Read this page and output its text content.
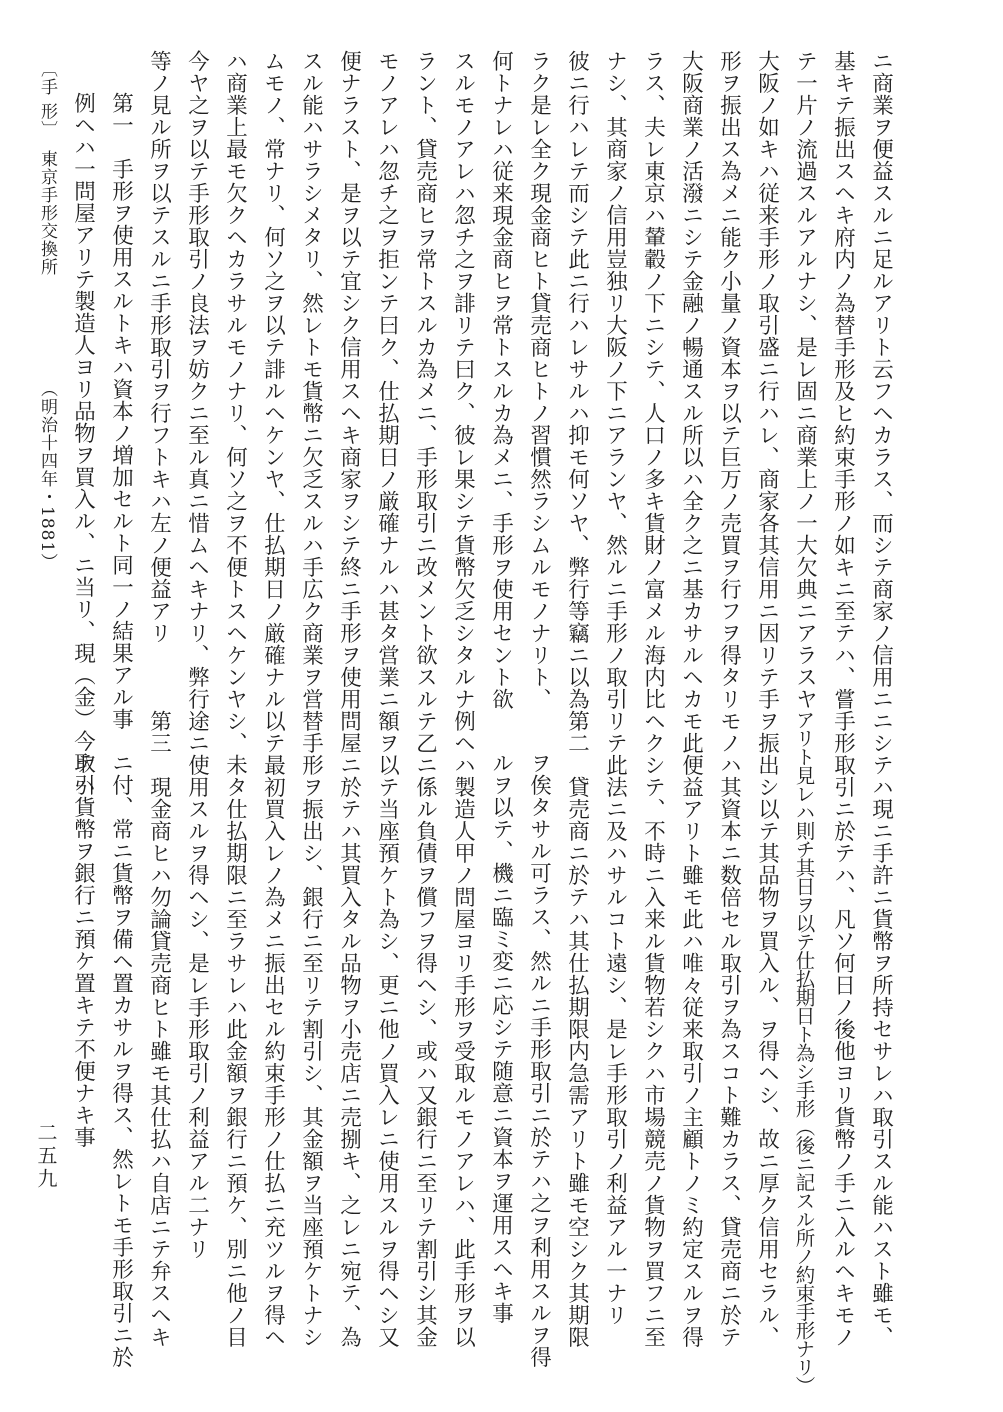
ニ商業ヲ便益スルニ足ルアリト云フヘカラス、而シテ商家ノ信用ニ
基キテ振出スヘキ府内ノ為替手形及ヒ約束手形ノ如キニ至テハ、嘗
テ一片ノ流過スルアルナシ、是レ固ニ商業上ノ一大欠典ニアラスヤ
大阪ノ如キハ従来手形ノ取引盛ニ行ハレ、商家各其信用ニ因リテ手
形ヲ振出ス為メニ能ク小量ノ資本ヲ以テ巨万ノ売買ヲ行フヲ得タリ
大阪商業ノ活潑ニシテ金融ノ暢通スル所以ハ全ク之ニ基カサルヘカ
ラス、夫レ東京ハ輦轂ノ下ニシテ、人口ノ多キ貨財ノ富メル海内比
ナシ、其商家ノ信用豈独リ大阪ノ下ニアランヤ、然ルニ手形ノ取引
彼ニ行ハレテ而シテ此ニ行ハレサルハ抑モ何ソヤ、弊行等竊ニ以為
ラク是レ全ク現金商ヒト貸売商ヒトノ習慣然ラシムルモノナリト、
何トナレハ従来現金商ヒヲ常トスルカ為メニ、手形ヲ使用セント欲
スルモノアレハ忽チ之ヲ誹リテ曰ク、彼レ果シテ貨幣欠乏シタルナ
ラント、貸売商ヒヲ常トスルカ為メニ、手形取引ニ改メント欲スル
モノアレハ忽チ之ヲ拒ンテ曰ク、仕払期日ノ厳確ナルハ甚タ営業ニ
便ナラスト、是ヲ以テ宜シク信用スヘキ商家ヲシテ終ニ手形ヲ使用
スル能ハサラシメタリ、然レトモ貨幣ニ欠乏スルハ手広ク商業ヲ営
ムモノ、常ナリ、何ソ之ヲ以テ誹ルヘケンヤ、仕払期日ノ厳確ナル
ハ商業上最モ欠クヘカラサルモノナリ、何ソ之ヲ不便トスヘケンヤ
今ヤ之ヲ以テ手形取引ノ良法ヲ妨クニ至ル真ニ惜ムヘキナリ、弊行
等ノ見ル所ヲ以テスルニ手形取引ヲ行フトキハ左ノ便益アリ
第一　手形ヲ使用スルトキハ資本ノ増加セルト同一ノ結果アル事
例ヘハ一問屋アリテ製造人ヨリ品物ヲ買入ル、ニ当リ、現（金）今取引
〔手 形〕
東京手形交換所
（明治十四年・1881）
ニシテハ現ニ手許ニ貨幣ヲ所持セサレハ取引スル能ハスト雖モ、
手形取引ニ於テハ、凡ソ何日ノ後他ヨリ貨幣ノ手ニ入ルヘキモノ
アリト見レハ則チ其日ヲ以テ仕払期日ト為シ手形（後ニ記スル所ノ約束手形ナリ）
ヲ振出シ以テ其品物ヲ買入ル、ヲ得ヘシ、故ニ厚ク信用セラル、
モノハ其資本ニ数倍セル取引ヲ為スコト難カラス、貸売商ニ於テ
モ此便益アリト雖モ此ハ唯々従来取引ノ主顧トノミ約定スルヲ得
ヘクシテ、不時ニ入来ル貨物若シクハ市場競売ノ貨物ヲ買フニ至
リテ此法ニ及ハサルコト遠シ、是レ手形取引ノ利益アル一ナリ
第二　貸売商ニ於テハ其仕払期限内急需アリト雖モ空シク其期限
ヲ俟タサル可ラス、然ルニ手形取引ニ於テハ之ヲ利用スルヲ得
ルヲ以テ、機ニ臨ミ変ニ応シテ随意ニ資本ヲ運用スヘキ事
例ヘハ製造人甲ノ問屋ヨリ手形ヲ受取ルモノアレハ、此手形ヲ以
テ乙ニ係ル負債ヲ償フヲ得ヘシ、或ハ又銀行ニ至リテ割引シ其金
額ヲ以テ当座預ケト為シ、更ニ他ノ買入レニ使用スルヲ得ヘシ又
問屋ニ於テハ其買入タル品物ヲ小売店ニ売捌キ、之レニ宛テ、為
替手形ヲ振出シ、銀行ニ至リテ割引シ、其金額ヲ当座預ケトナシ
以テ最初買入レノ為メニ振出セル約束手形ノ仕払ニ充ツルヲ得ヘ
シ、未タ仕払期限ニ至ラサレハ此金額ヲ銀行ニ預ケ、別ニ他ノ目
途ニ使用スルヲ得ヘシ、是レ手形取引ノ利益アル二ナリ
第三　現金商ヒハ勿論貸売商ヒト雖モ其仕払ハ自店ニテ弁スヘキ
ニ付、常ニ貨幣ヲ備ヘ置カサルヲ得ス、然レトモ手形取引ニ於
テハ貨幣ヲ銀行ニ預ケ置キテ不便ナキ事
二五九
